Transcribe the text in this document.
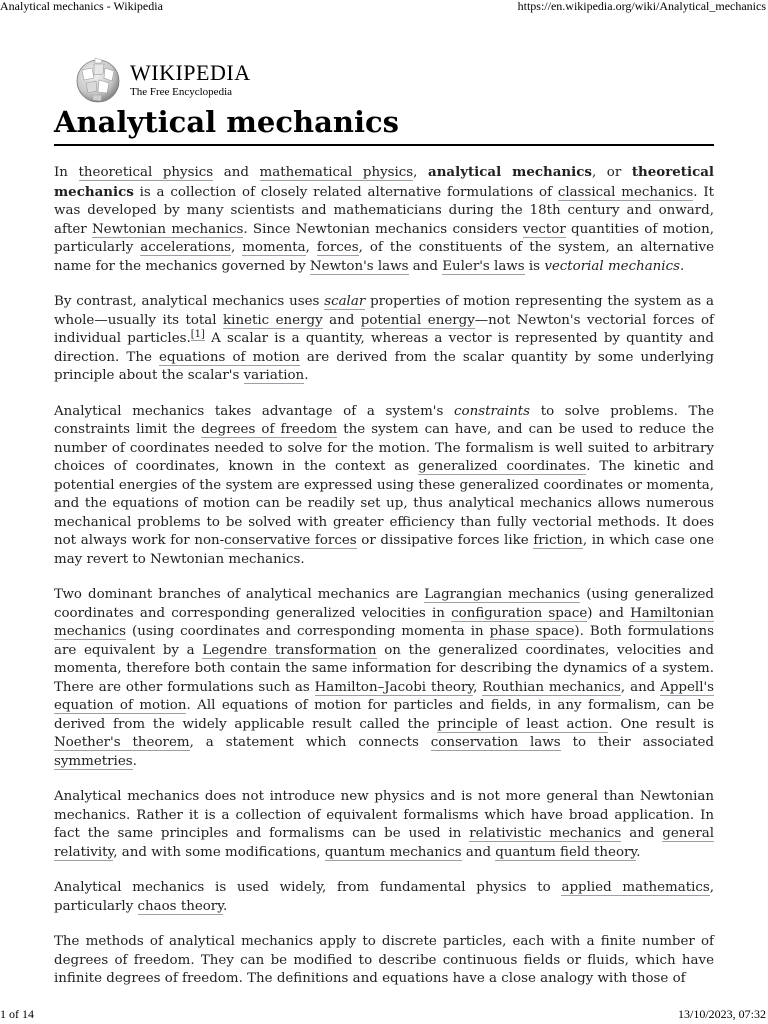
Analytical mechanics - Wikipedia	https://en.wikipedia.org/wiki/Analytical_mechanics
WIKIPEDIA
The Free Encyclopedia
Analytical mechanics

In theoretical physics and mathematical physics, analytical mechanics, or theoretical mechanics is a collection of closely related alternative formulations of classical mechanics. It was developed by many scientists and mathematicians during the 18th century and onward, after Newtonian mechanics. Since Newtonian mechanics considers vector quantities of motion, particularly accelerations, momenta, forces, of the constituents of the system, an alternative name for the mechanics governed by Newton's laws and Euler's laws is vectorial mechanics.

By contrast, analytical mechanics uses scalar properties of motion representing the system as a whole—usually its total kinetic energy and potential energy—not Newton's vectorial forces of individual particles.[1] A scalar is a quantity, whereas a vector is represented by quantity and direction. The equations of motion are derived from the scalar quantity by some underlying principle about the scalar's variation.

Analytical mechanics takes advantage of a system's constraints to solve problems. The constraints limit the degrees of freedom the system can have, and can be used to reduce the number of coordinates needed to solve for the motion. The formalism is well suited to arbitrary choices of coordinates, known in the context as generalized coordinates. The kinetic and potential energies of the system are expressed using these generalized coordinates or momenta, and the equations of motion can be readily set up, thus analytical mechanics allows numerous mechanical problems to be solved with greater efficiency than fully vectorial methods. It does not always work for non-conservative forces or dissipative forces like friction, in which case one may revert to Newtonian mechanics.

Two dominant branches of analytical mechanics are Lagrangian mechanics (using generalized coordinates and corresponding generalized velocities in configuration space) and Hamiltonian mechanics (using coordinates and corresponding momenta in phase space). Both formulations are equivalent by a Legendre transformation on the generalized coordinates, velocities and momenta, therefore both contain the same information for describing the dynamics of a system. There are other formulations such as Hamilton–Jacobi theory, Routhian mechanics, and Appell's equation of motion. All equations of motion for particles and fields, in any formalism, can be derived from the widely applicable result called the principle of least action. One result is Noether's theorem, a statement which connects conservation laws to their associated symmetries.

Analytical mechanics does not introduce new physics and is not more general than Newtonian mechanics. Rather it is a collection of equivalent formalisms which have broad application. In fact the same principles and formalisms can be used in relativistic mechanics and general relativity, and with some modifications, quantum mechanics and quantum field theory.

Analytical mechanics is used widely, from fundamental physics to applied mathematics, particularly chaos theory.

The methods of analytical mechanics apply to discrete particles, each with a finite number of degrees of freedom. They can be modified to describe continuous fields or fluids, which have infinite degrees of freedom. The definitions and equations have a close analogy with those of

1 of 14	13/10/2023, 07:32
